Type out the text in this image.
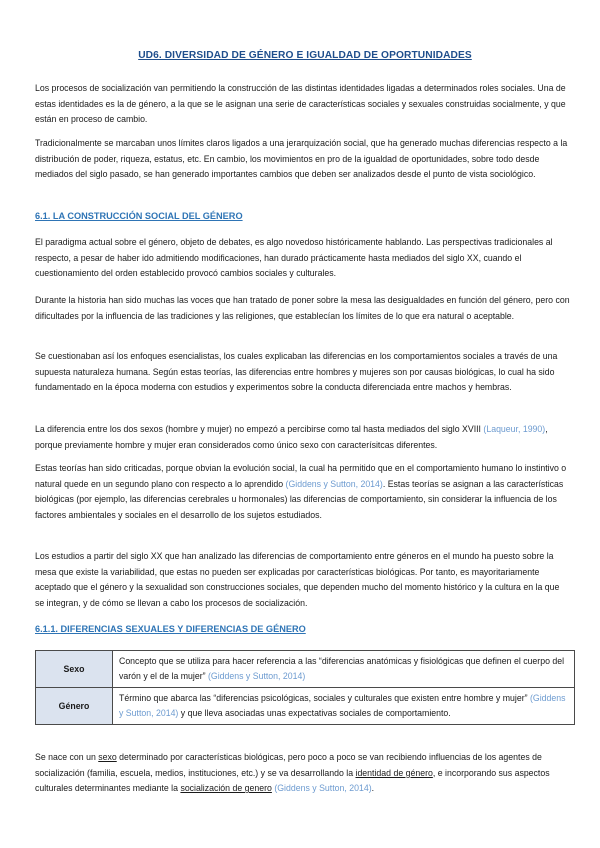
UD6. DIVERSIDAD DE GÉNERO E IGUALDAD DE OPORTUNIDADES

Los procesos de socialización van permitiendo la construcción de las distintas identidades ligadas a determinados roles sociales. Una de estas identidades es la de género, a la que se le asignan una serie de características sociales y sexuales construidas socialmente, y que están en proceso de cambio.

Tradicionalmente se marcaban unos límites claros ligados a una jerarquización social, que ha generado muchas diferencias respecto a la distribución de poder, riqueza, estatus, etc. En cambio, los movimientos en pro de la igualdad de oportunidades, sobre todo desde mediados del siglo pasado, se han generado importantes cambios que deben ser analizados desde el punto de vista sociológico.

6.1. LA CONSTRUCCIÓN SOCIAL DEL GÉNERO

El paradigma actual sobre el género, objeto de debates, es algo novedoso históricamente hablando. Las perspectivas tradicionales al respecto, a pesar de haber ido admitiendo modificaciones, han durado prácticamente hasta mediados del siglo XX, cuando el cuestionamiento del orden establecido provocó cambios sociales y culturales.

Durante la historia han sido muchas las voces que han tratado de poner sobre la mesa las desigualdades en función del género, pero con dificultades por la influencia de las tradiciones y las religiones, que establecían los límites de lo que era natural o aceptable.

Se cuestionaban así los enfoques esencialistas, los cuales explicaban las diferencias en los comportamientos sociales a través de una supuesta naturaleza humana. Según estas teorías, las diferencias entre hombres y mujeres son por causas biológicas, lo cual ha sido fundamentado en la época moderna con estudios y experimentos sobre la conducta diferenciada entre machos y hembras.

La diferencia entre los dos sexos (hombre y mujer) no empezó a percibirse como tal hasta mediados del siglo XVIII (Laqueur, 1990), porque previamente hombre y mujer eran considerados como único sexo con caracterísitcas diferentes.

Estas teorías han sido criticadas, porque obvian la evolución social, la cual ha permitido que en el comportamiento humano lo instintivo o natural quede en un segundo plano con respecto a lo aprendido (Giddens y Sutton, 2014). Estas teorías se asignan a las características biológicas (por ejemplo, las diferencias cerebrales u hormonales) las diferencias de comportamiento, sin considerar la influencia de los factores ambientales y sociales en el desarrollo de los sujetos estudiados.

Los estudios a partir del siglo XX que han analizado las diferencias de comportamiento entre géneros en el mundo ha puesto sobre la mesa que existe la variabilidad, que estas no pueden ser explicadas por características biológicas. Por tanto, es mayoritariamente aceptado que el género y la sexualidad son construcciones sociales, que dependen mucho del momento histórico y la cultura en la que se integran, y de cómo se llevan a cabo los procesos de socialización.

6.1.1. DIFERENCIAS SEXUALES Y DIFERENCIAS DE GÉNERO
Sexo	Concepto que se utiliza para hacer referencia a las “diferencias anatómicas y fisiológicas que definen el cuerpo del varón y el de la mujer” (Giddens y Sutton, 2014)
Género	Término que abarca las “diferencias psicológicas, sociales y culturales que existen entre hombre y mujer” (Giddens y Sutton, 2014) y que lleva asociadas unas expectativas sociales de comportamiento.

Se nace con un sexo determinado por características biológicas, pero poco a poco se van recibiendo influencias de los agentes de socialización (familia, escuela, medios, instituciones, etc.) y se va desarrollando la identidad de género, e incorporando sus aspectos culturales determinantes mediante la socialización de genero (Giddens y Sutton, 2014).
